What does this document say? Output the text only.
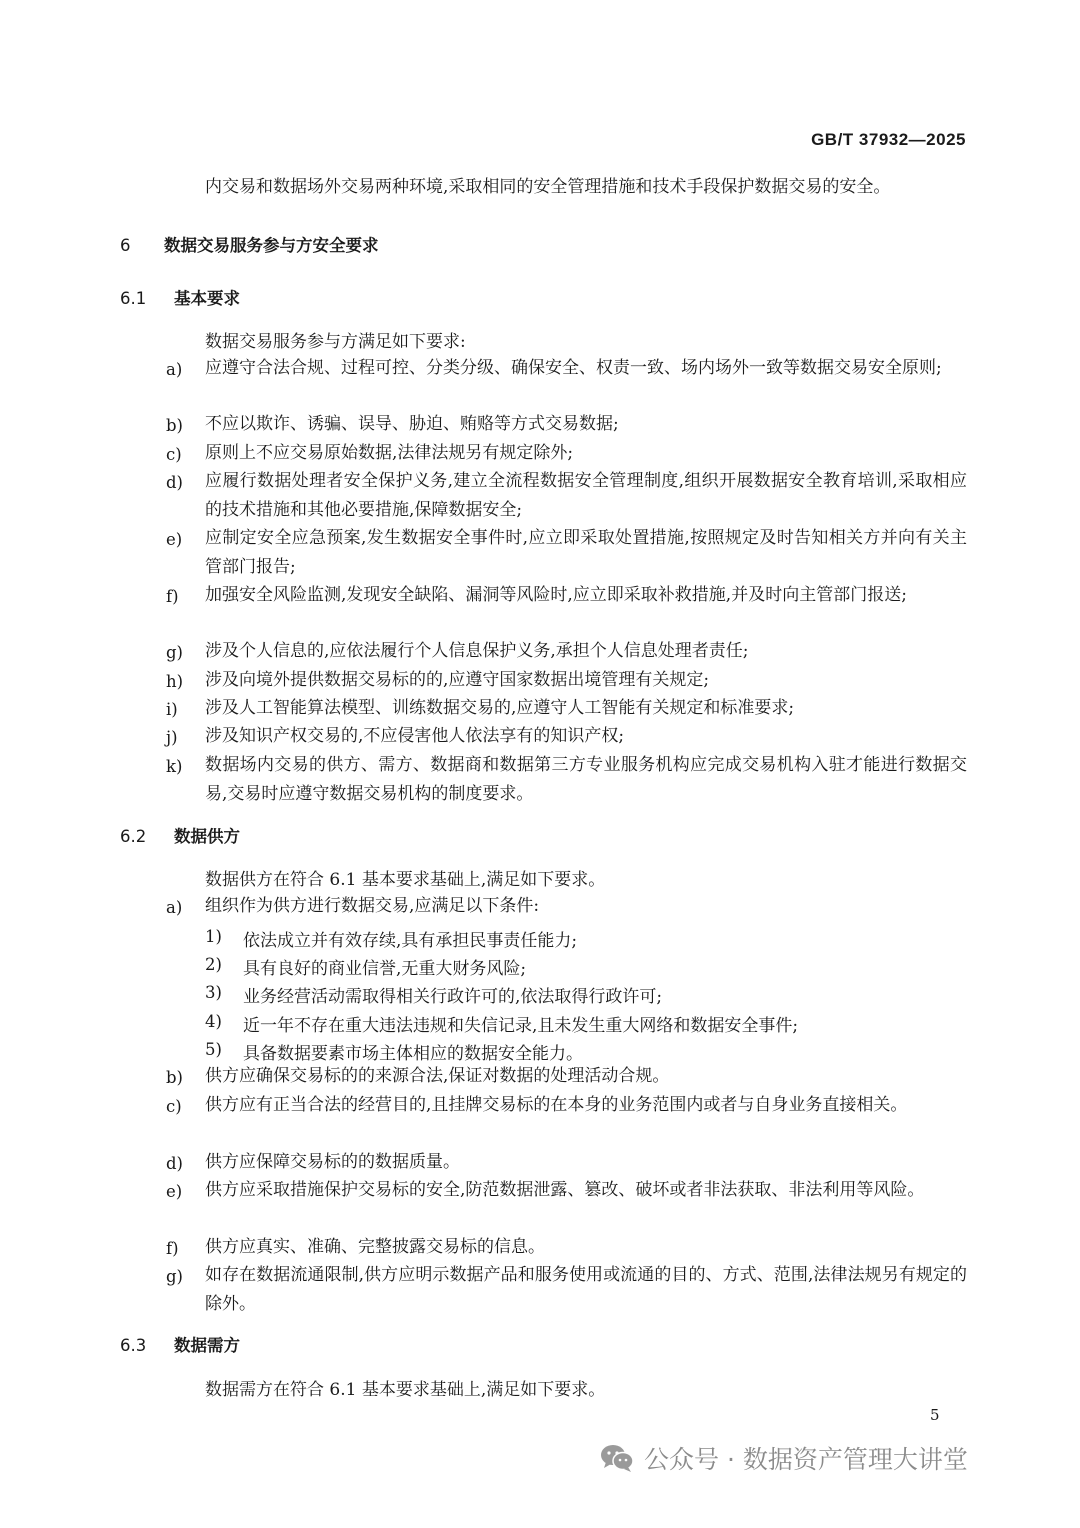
GB/T 37932—2025
内交易和数据场外交易两种环境,采取相同的安全管理措施和技术手段保护数据交易的安全。
6 数据交易服务参与方安全要求
6.1 基本要求
数据交易服务参与方满足如下要求:
a) 应遵守合法合规、过程可控、分类分级、确保安全、权责一致、场内场外一致等数据交易安全原则;
b) 不应以欺诈、诱骗、误导、胁迫、贿赂等方式交易数据;
c) 原则上不应交易原始数据,法律法规另有规定除外;
d) 应履行数据处理者安全保护义务,建立全流程数据安全管理制度,组织开展数据安全教育培训,采取相应的技术措施和其他必要措施,保障数据安全;
e) 应制定安全应急预案,发生数据安全事件时,应立即采取处置措施,按照规定及时告知相关方并向有关主管部门报告;
f) 加强安全风险监测,发现安全缺陷、漏洞等风险时,应立即采取补救措施,并及时向主管部门报送;
g) 涉及个人信息的,应依法履行个人信息保护义务,承担个人信息处理者责任;
h) 涉及向境外提供数据交易标的的,应遵守国家数据出境管理有关规定;
i) 涉及人工智能算法模型、训练数据交易的,应遵守人工智能有关规定和标准要求;
j) 涉及知识产权交易的,不应侵害他人依法享有的知识产权;
k) 数据场内交易的供方、需方、数据商和数据第三方专业服务机构应完成交易机构入驻才能进行数据交易,交易时应遵守数据交易机构的制度要求。
6.2 数据供方
数据供方在符合 6.1 基本要求基础上,满足如下要求。
a) 组织作为供方进行数据交易,应满足以下条件:
1) 依法成立并有效存续,具有承担民事责任能力;
2) 具有良好的商业信誉,无重大财务风险;
3) 业务经营活动需取得相关行政许可的,依法取得行政许可;
4) 近一年不存在重大违法违规和失信记录,且未发生重大网络和数据安全事件;
5) 具备数据要素市场主体相应的数据安全能力。
b) 供方应确保交易标的的来源合法,保证对数据的处理活动合规。
c) 供方应有正当合法的经营目的,且挂牌交易标的在本身的业务范围内或者与自身业务直接相关。
d) 供方应保障交易标的的数据质量。
e) 供方应采取措施保护交易标的安全,防范数据泄露、篡改、破坏或者非法获取、非法利用等风险。
f) 供方应真实、准确、完整披露交易标的信息。
g) 如存在数据流通限制,供方应明示数据产品和服务使用或流通的目的、方式、范围,法律法规另有规定的除外。
6.3 数据需方
数据需方在符合 6.1 基本要求基础上,满足如下要求。
5
公众号 · 数据资产管理大讲堂
